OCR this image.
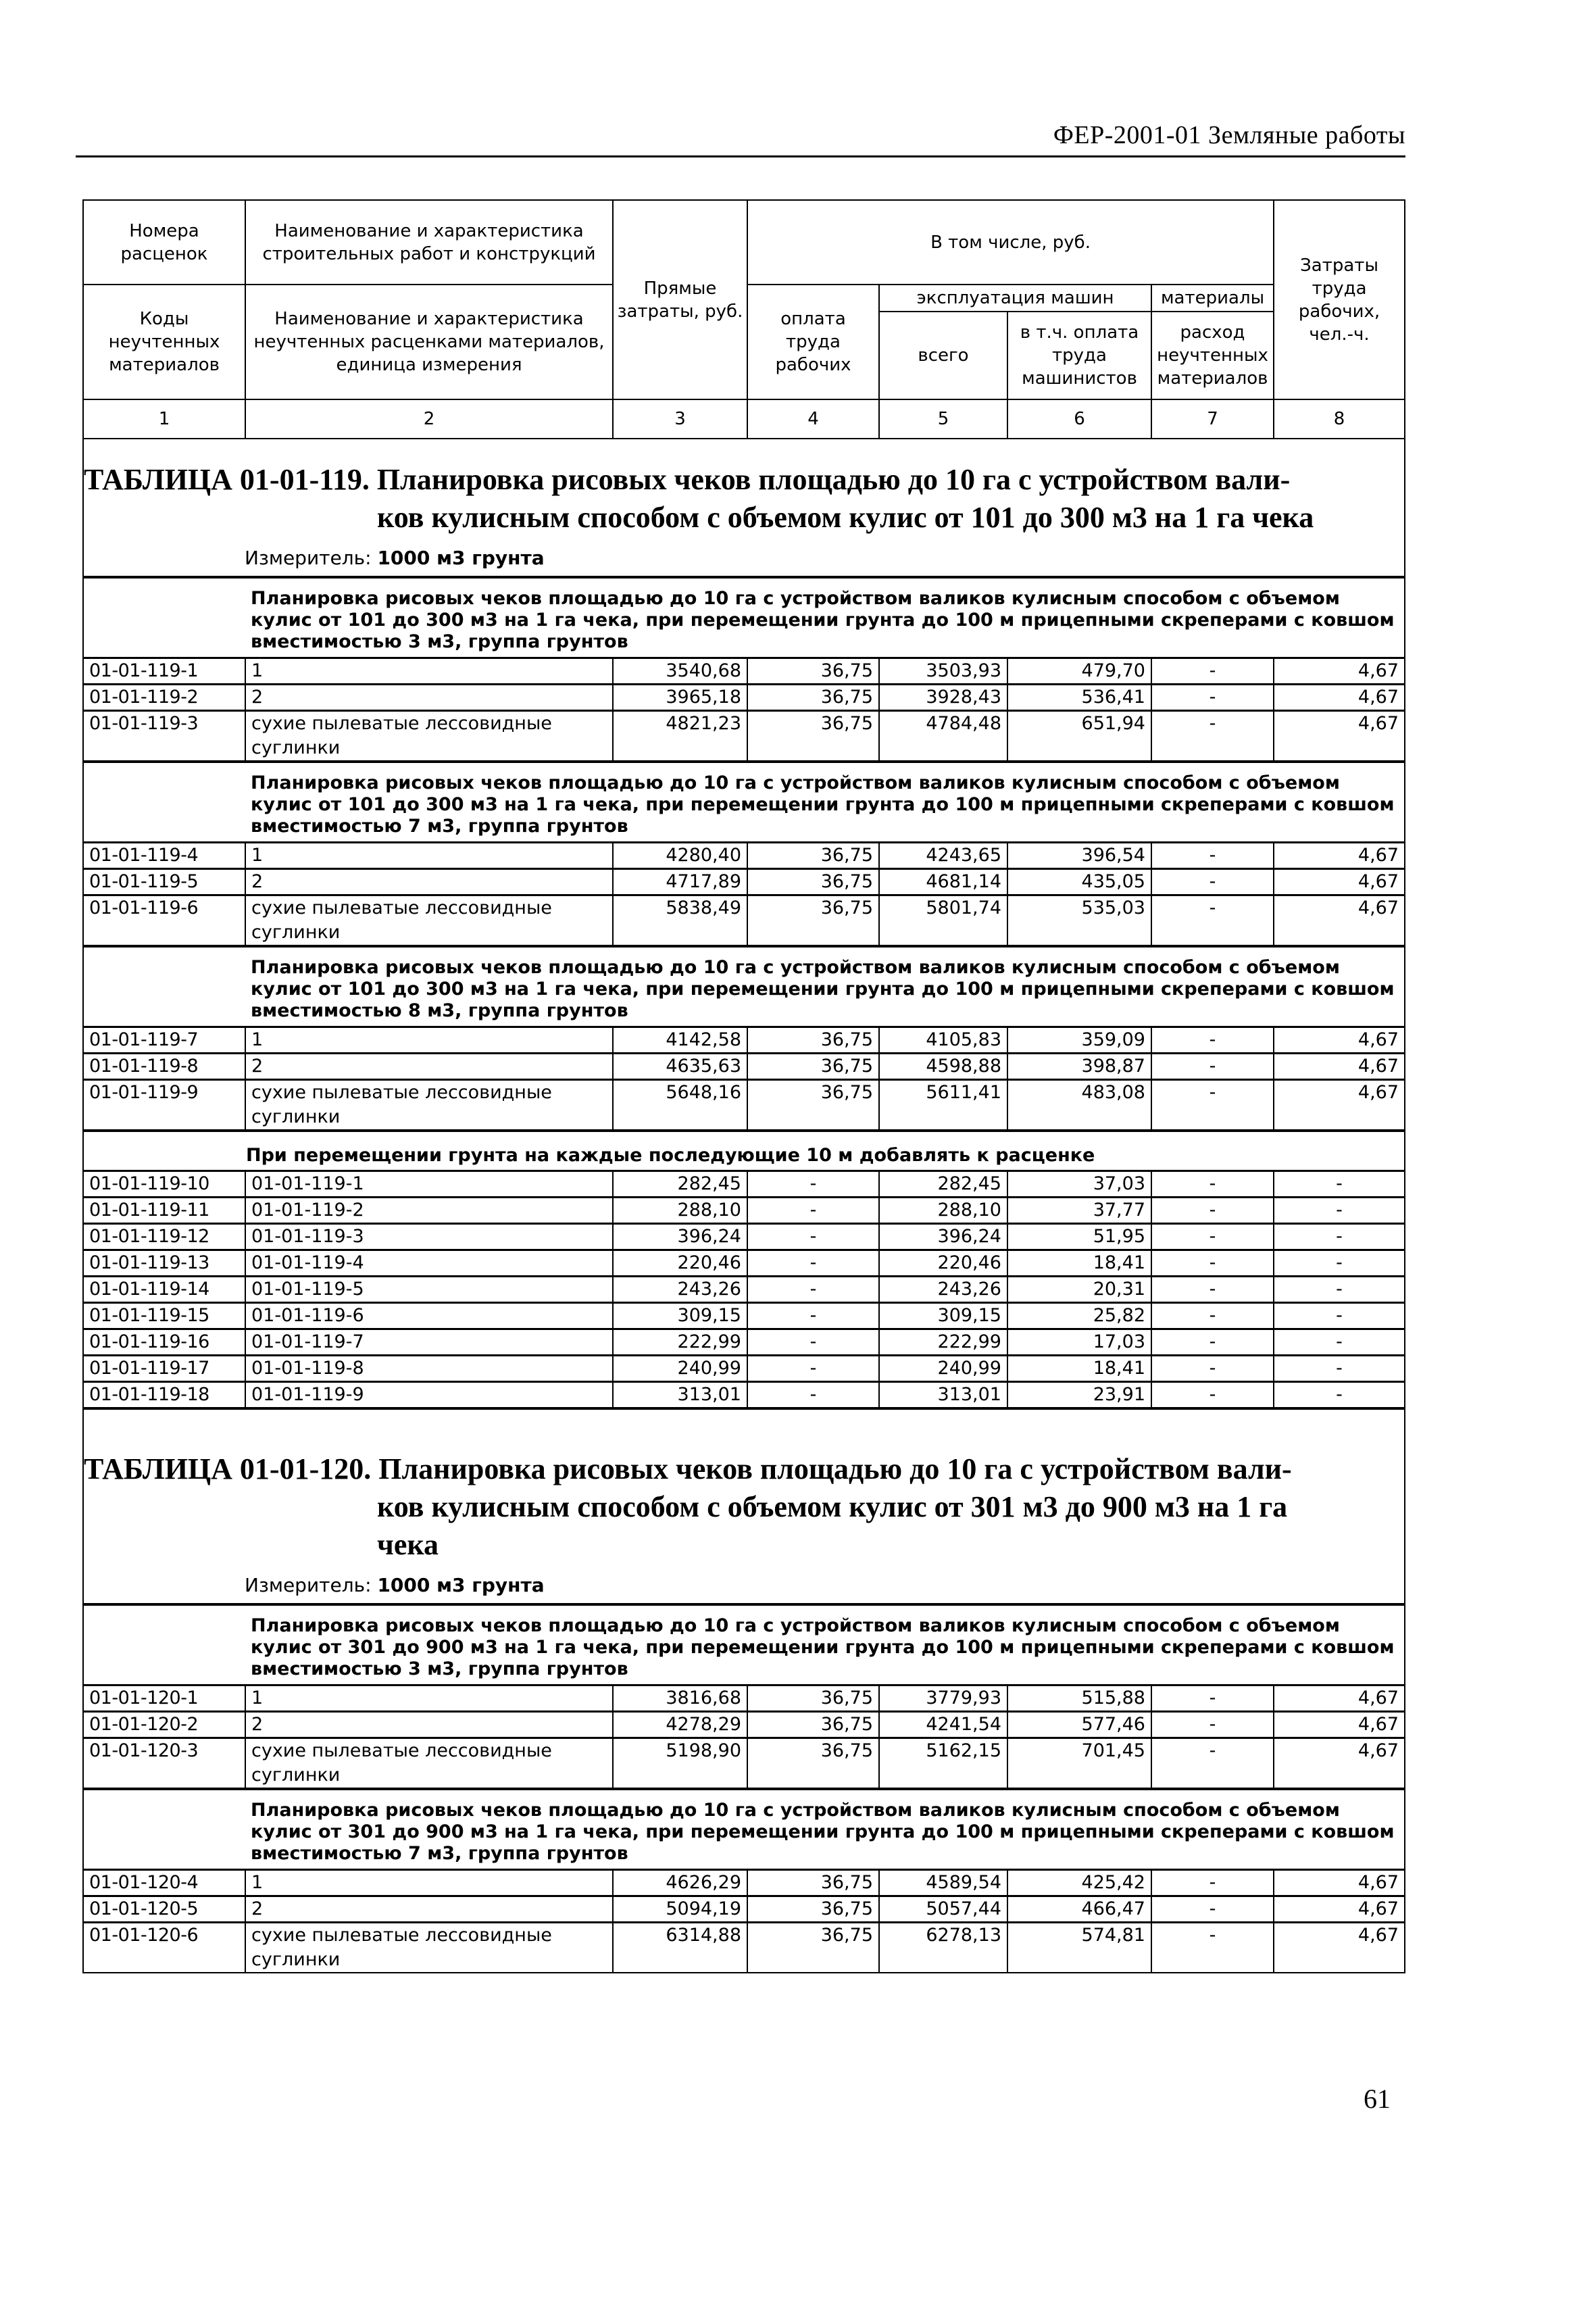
ФЕР-2001-01 Земляные работы
Номера расценок	Наименование и характеристика строительных работ и конструкций	Прямые затраты, руб.	В том числе, руб.				Затраты труда рабочих, чел.-ч.
Коды неучтенных материалов	Наименование и характеристика неучтенных расценками материалов, единица измерения		оплата труда рабочих	эксплуатация машин		материалы	
				всего	в т.ч. оплата труда машинистов	расход неучтенных материалов	
1	2	3	4	5	6	7	8
ТАБЛИЦА 01-01-119. Планировка рисовых чеков площадью до 10 га с устройством вали-
ков кулисным способом с объемом кулис от 101 до 300 м3 на 1 га чека							

Измеритель: 1000 м3 грунта							
	Планировка рисовых чеков площадью до 10 га с устройством валиков кулисным способом с объемом кулис от 101 до 300 м3 на 1 га чека, при перемещении грунта до 100 м прицепными скреперами с ковшом вместимостью 3 м3, группа грунтов						
01-01-119-1	1	3540,68	36,75	3503,93	479,70	-	4,67
01-01-119-2	2	3965,18	36,75	3928,43	536,41	-	4,67
01-01-119-3	сухие пылеватые лессовидные суглинки	4821,23	36,75	4784,48	651,94	-	4,67
	Планировка рисовых чеков площадью до 10 га с устройством валиков кулисным способом с объемом кулис от 101 до 300 м3 на 1 га чека, при перемещении грунта до 100 м прицепными скреперами с ковшом вместимостью 7 м3, группа грунтов						
01-01-119-4	1	4280,40	36,75	4243,65	396,54	-	4,67
01-01-119-5	2	4717,89	36,75	4681,14	435,05	-	4,67
01-01-119-6	сухие пылеватые лессовидные суглинки	5838,49	36,75	5801,74	535,03	-	4,67
	Планировка рисовых чеков площадью до 10 га с устройством валиков кулисным способом с объемом кулис от 101 до 300 м3 на 1 га чека, при перемещении грунта до 100 м прицепными скреперами с ковшом вместимостью 8 м3, группа грунтов						
01-01-119-7	1	4142,58	36,75	4105,83	359,09	-	4,67
01-01-119-8	2	4635,63	36,75	4598,88	398,87	-	4,67
01-01-119-9	сухие пылеватые лессовидные суглинки	5648,16	36,75	5611,41	483,08	-	4,67
При перемещении грунта на каждые последующие 10 м добавлять к расценке							
01-01-119-10	01-01-119-1	282,45	-	282,45	37,03	-	-
01-01-119-11	01-01-119-2	288,10	-	288,10	37,77	-	-
01-01-119-12	01-01-119-3	396,24	-	396,24	51,95	-	-
01-01-119-13	01-01-119-4	220,46	-	220,46	18,41	-	-
01-01-119-14	01-01-119-5	243,26	-	243,26	20,31	-	-
01-01-119-15	01-01-119-6	309,15	-	309,15	25,82	-	-
01-01-119-16	01-01-119-7	222,99	-	222,99	17,03	-	-
01-01-119-17	01-01-119-8	240,99	-	240,99	18,41	-	-
01-01-119-18	01-01-119-9	313,01	-	313,01	23,91	-	-

ТАБЛИЦА 01-01-120. Планировка рисовых чеков площадью до 10 га с устройством вали-
ков кулисным способом с объемом кулис от 301 м3 до 900 м3 на 1 га
чека							

Измеритель: 1000 м3 грунта							
	Планировка рисовых чеков площадью до 10 га с устройством валиков кулисным способом с объемом кулис от 301 до 900 м3 на 1 га чека, при перемещении грунта до 100 м прицепными скреперами с ковшом вместимостью 3 м3, группа грунтов						
01-01-120-1	1	3816,68	36,75	3779,93	515,88	-	4,67
01-01-120-2	2	4278,29	36,75	4241,54	577,46	-	4,67
01-01-120-3	сухие пылеватые лессовидные суглинки	5198,90	36,75	5162,15	701,45	-	4,67
	Планировка рисовых чеков площадью до 10 га с устройством валиков кулисным способом с объемом кулис от 301 до 900 м3 на 1 га чека, при перемещении грунта до 100 м прицепными скреперами с ковшом вместимостью 7 м3, группа грунтов						
01-01-120-4	1	4626,29	36,75	4589,54	425,42	-	4,67
01-01-120-5	2	5094,19	36,75	5057,44	466,47	-	4,67
01-01-120-6	сухие пылеватые лессовидные суглинки	6314,88	36,75	6278,13	574,81	-	4,67
61
